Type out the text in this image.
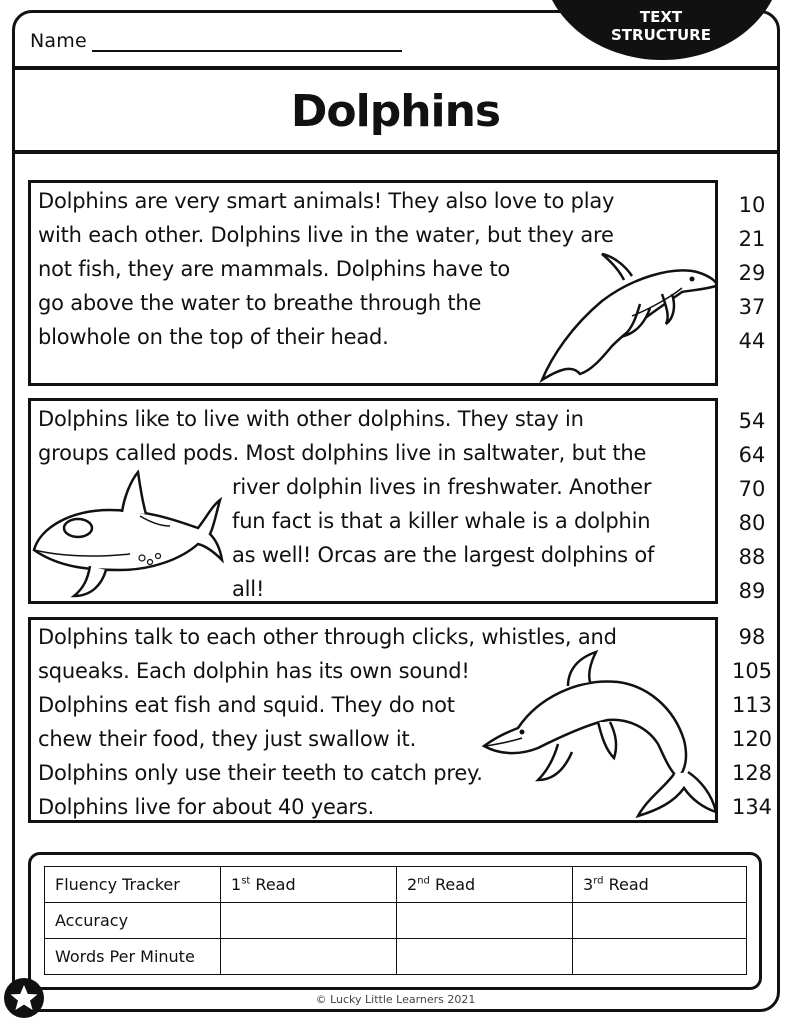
TEXT
STRUCTURE
Name
Dolphins
Dolphins are very smart animals! They also love to play
with each other. Dolphins live in the water, but they are
not fish, they are mammals. Dolphins have to
go above the water to breathe through the
blowhole on the top of their head.
10
21
29
37
44
Dolphins like to live with other dolphins. They stay in
groups called pods. Most dolphins live in saltwater, but the
river dolphin lives in freshwater. Another
fun fact is that a killer whale is a dolphin
as well! Orcas are the largest dolphins of
all!
54
64
70
80
88
89
Dolphins talk to each other through clicks, whistles, and
squeaks. Each dolphin has its own sound!
Dolphins eat fish and squid. They do not
chew their food, they just swallow it.
Dolphins only use their teeth to catch prey.
Dolphins live for about 40 years.
98
105
113
120
128
134
Fluency Tracker	1st Read	2nd Read	3rd Read
Accuracy			
Words Per Minute			
© Lucky Little Learners 2021
